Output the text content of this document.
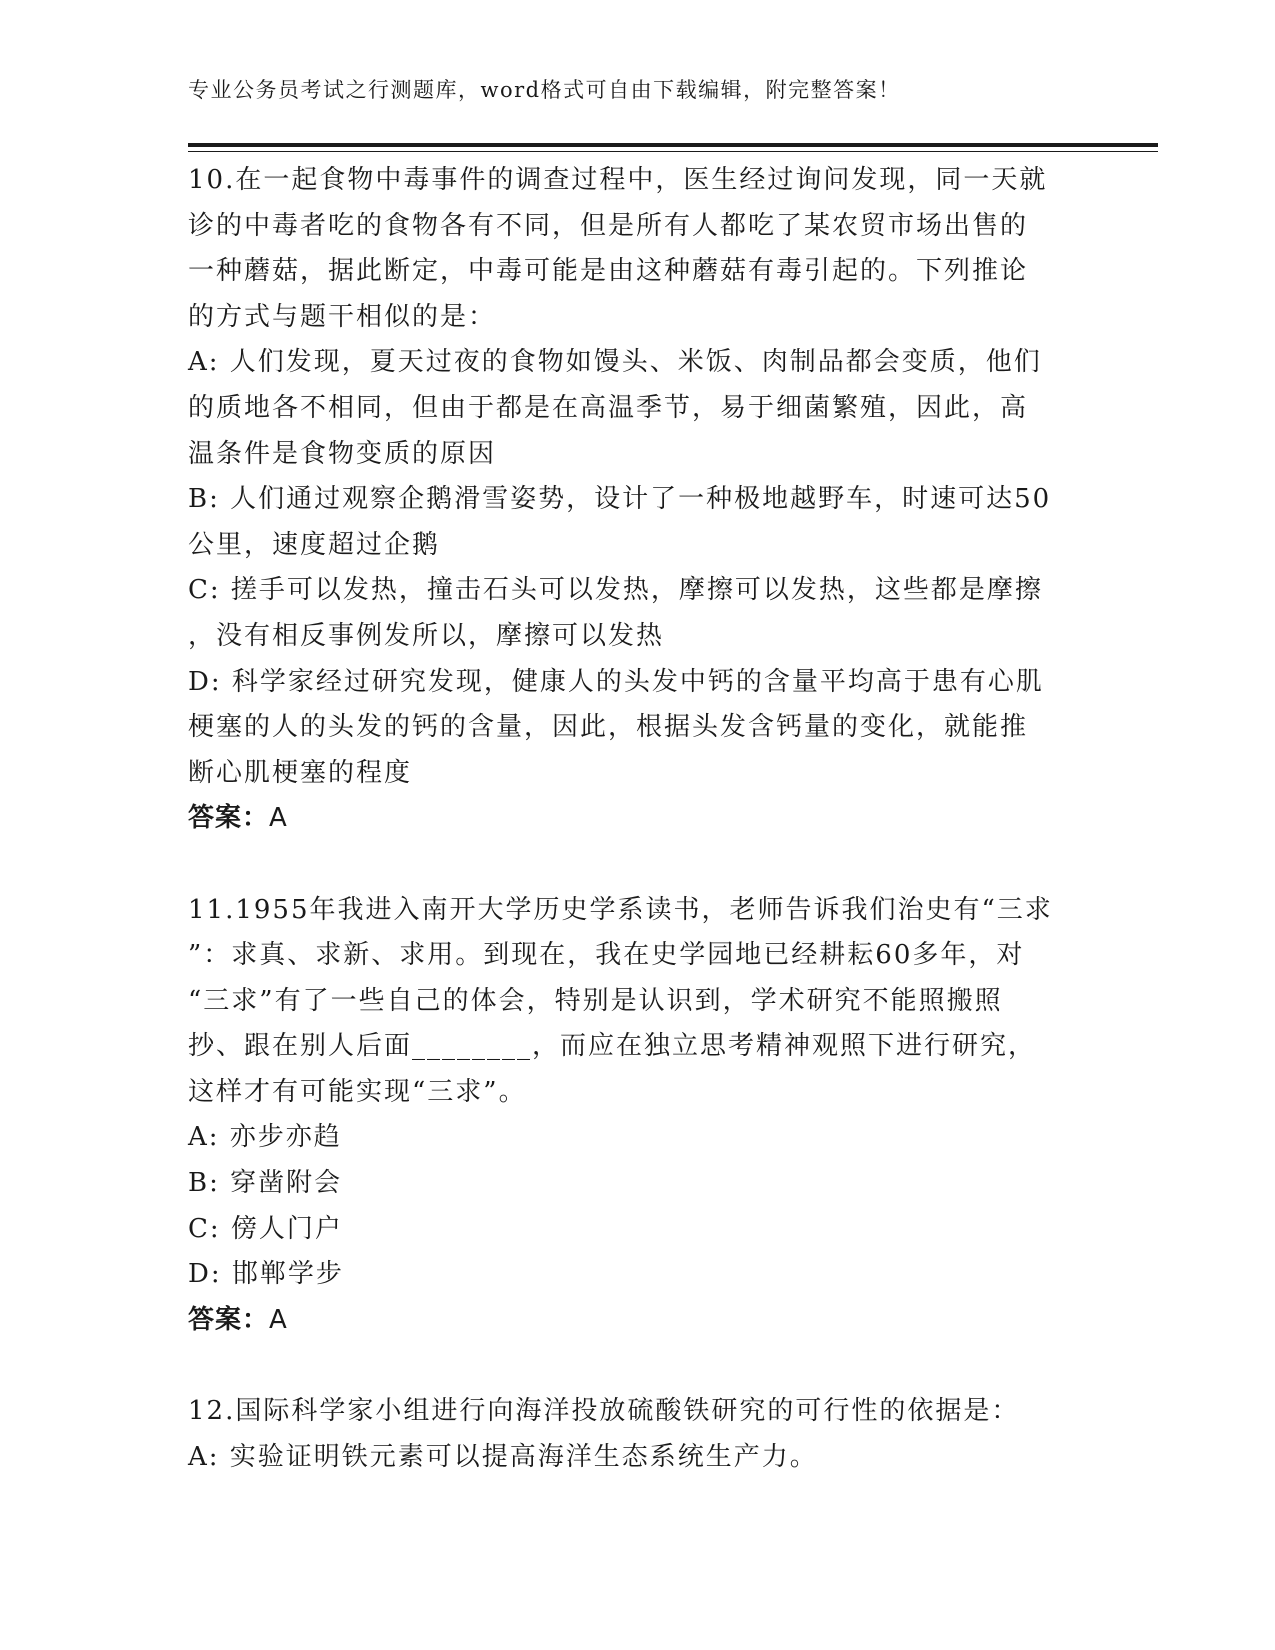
专业公务员考试之行测题库，word格式可自由下载编辑，附完整答案！
10.在一起食物中毒事件的调查过程中，医生经过询问发现，同一天就
诊的中毒者吃的食物各有不同，但是所有人都吃了某农贸市场出售的
一种蘑菇，据此断定，中毒可能是由这种蘑菇有毒引起的。下列推论
的方式与题干相似的是：
A: 人们发现，夏天过夜的食物如馒头、米饭、肉制品都会变质，他们
的质地各不相同，但由于都是在高温季节，易于细菌繁殖，因此，高
温条件是食物变质的原因
B: 人们通过观察企鹅滑雪姿势，设计了一种极地越野车，时速可达50
公里，速度超过企鹅
C: 搓手可以发热，撞击石头可以发热，摩擦可以发热，这些都是摩擦
，没有相反事例发所以，摩擦可以发热
D: 科学家经过研究发现，健康人的头发中钙的含量平均高于患有心肌
梗塞的人的头发的钙的含量，因此，根据头发含钙量的变化，就能推
断心肌梗塞的程度
答案：A
11.1955年我进入南开大学历史学系读书，老师告诉我们治史有“三求
”：求真、求新、求用。到现在，我在史学园地已经耕耘60多年，对
“三求”有了一些自己的体会，特别是认识到，学术研究不能照搬照
抄、跟在别人后面________，而应在独立思考精神观照下进行研究，
这样才有可能实现“三求”。
A: 亦步亦趋
B: 穿凿附会
C: 傍人门户
D: 邯郸学步
答案：A
12.国际科学家小组进行向海洋投放硫酸铁研究的可行性的依据是：
A: 实验证明铁元素可以提高海洋生态系统生产力。
